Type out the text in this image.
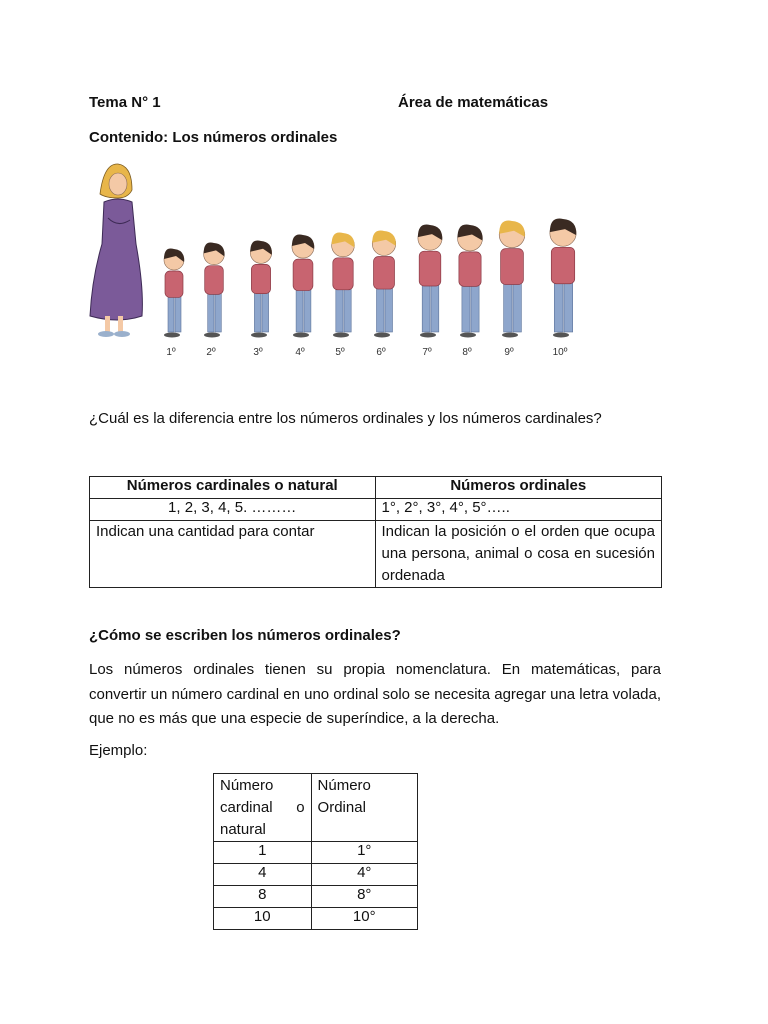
Tema N° 1	Área de matemáticas
Contenido: Los números ordinales
1º	2º	3º	4º	5º	6º	7º	8º	9º	10º
¿Cuál es la diferencia entre los números ordinales y los números cardinales?
Números cardinales o natural	Números ordinales
1, 2, 3, 4, 5. ………	1°, 2°, 3°, 4°, 5°…..
Indican una cantidad para contar	Indican la posición o el orden que ocupa una persona, animal o cosa en sucesión ordenada
¿Cómo se escriben los números ordinales?
Los números ordinales tienen su propia nomenclatura. En matemáticas, para convertir un número cardinal en uno ordinal solo se necesita agregar una letra volada, que no es más que una especie de superíndice, a la derecha.
Ejemplo:
Número cardinal o natural	Número Ordinal
1	1°
4	4°
8	8°
10	10°
